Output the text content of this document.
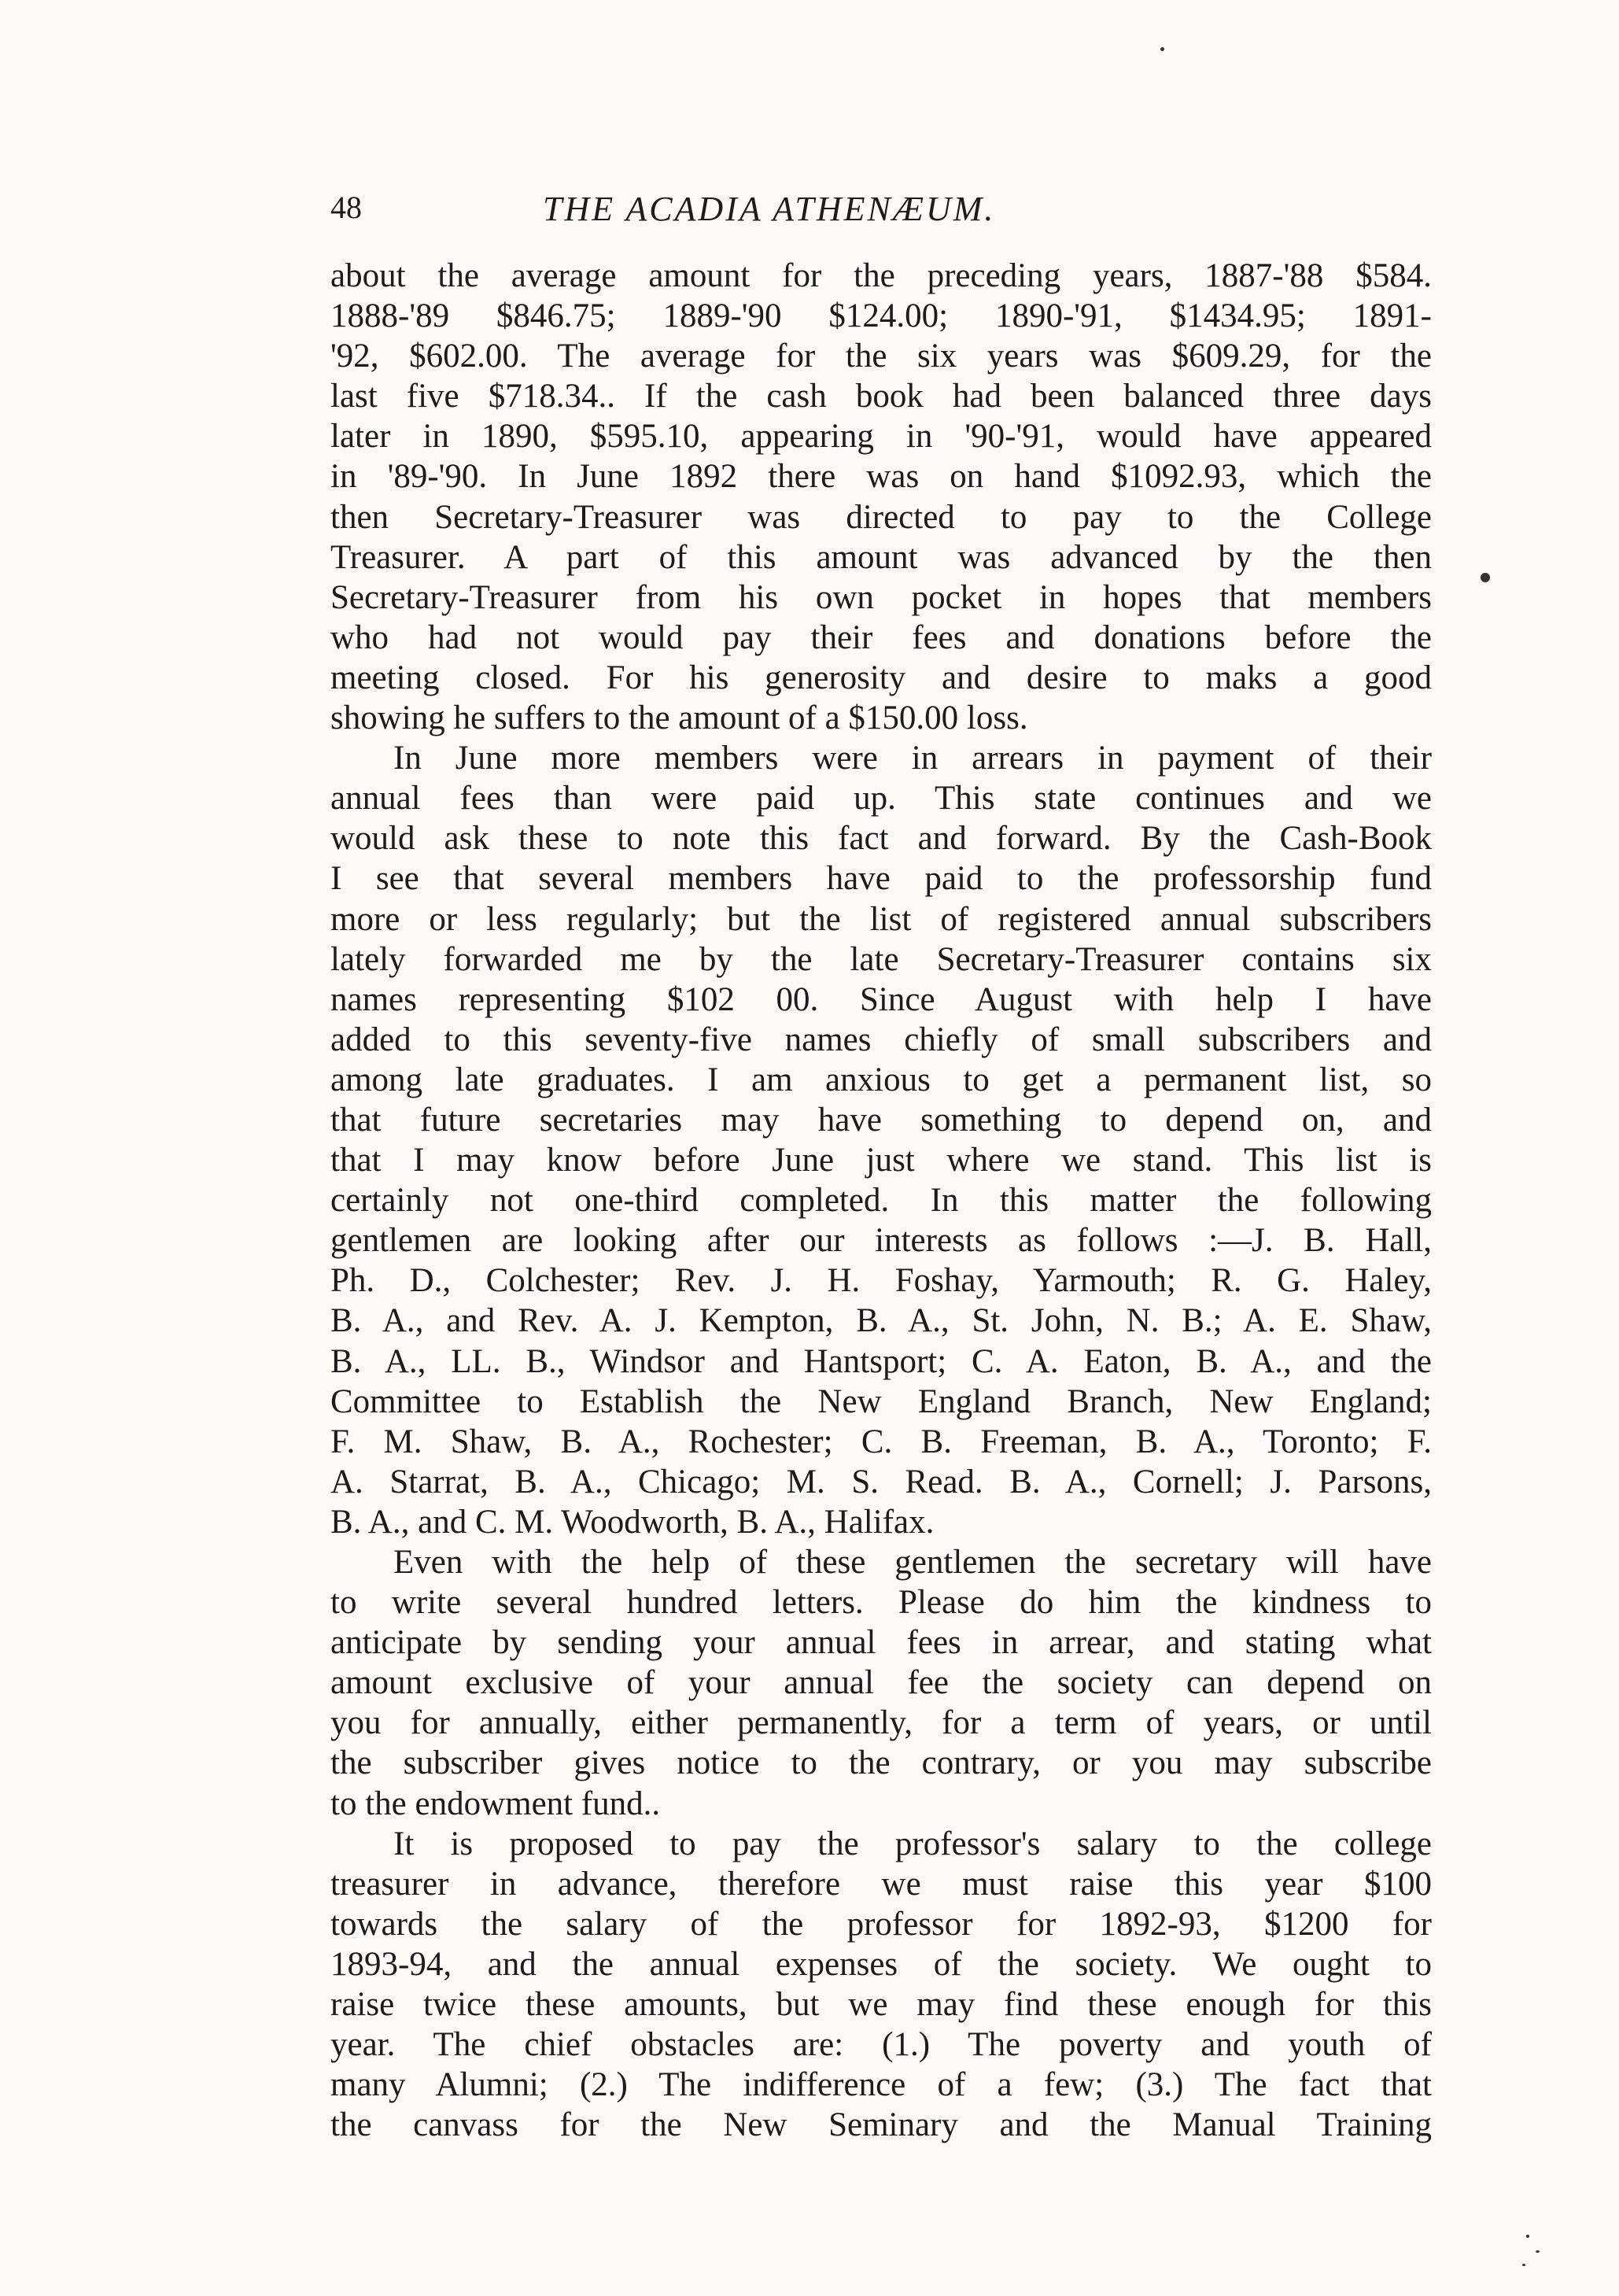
48	THE ACADIA ATHENÆUM.
about the average amount for the preceding years, 1887-'88 $584.
1888-'89 $846.75; 1889-'90 $124.00; 1890-'91, $1434.95; 1891-
'92, $602.00. The average for the six years was $609.29, for the
last five $718.34.. If the cash book had been balanced three days
later in 1890, $595.10, appearing in '90-'91, would have appeared
in '89-'90. In June 1892 there was on hand $1092.93, which the
then Secretary-Treasurer was directed to pay to the College
Treasurer. A part of this amount was advanced by the then
Secretary-Treasurer from his own pocket in hopes that members
who had not would pay their fees and donations before the
meeting closed. For his generosity and desire to maks a good
showing he suffers to the amount of a $150.00 loss.
In June more members were in arrears in payment of their
annual fees than were paid up. This state continues and we
would ask these to note this fact and forward. By the Cash-Book
I see that several members have paid to the professorship fund
more or less regularly; but the list of registered annual subscribers
lately forwarded me by the late Secretary-Treasurer contains six
names representing $102 00. Since August with help I have
added to this seventy-five names chiefly of small subscribers and
among late graduates. I am anxious to get a permanent list, so
that future secretaries may have something to depend on, and
that I may know before June just where we stand. This list is
certainly not one-third completed. In this matter the following
gentlemen are looking after our interests as follows :—J. B. Hall,
Ph. D., Colchester; Rev. J. H. Foshay, Yarmouth; R. G. Haley,
B. A., and Rev. A. J. Kempton, B. A., St. John, N. B.; A. E. Shaw,
B. A., LL. B., Windsor and Hantsport; C. A. Eaton, B. A., and the
Committee to Establish the New England Branch, New England;
F. M. Shaw, B. A., Rochester; C. B. Freeman, B. A., Toronto; F.
A. Starrat, B. A., Chicago; M. S. Read. B. A., Cornell; J. Parsons,
B. A., and C. M. Woodworth, B. A., Halifax.
Even with the help of these gentlemen the secretary will have
to write several hundred letters. Please do him the kindness to
anticipate by sending your annual fees in arrear, and stating what
amount exclusive of your annual fee the society can depend on
you for annually, either permanently, for a term of years, or until
the subscriber gives notice to the contrary, or you may subscribe
to the endowment fund..
It is proposed to pay the professor's salary to the college
treasurer in advance, therefore we must raise this year $100
towards the salary of the professor for 1892-93, $1200 for
1893-94, and the annual expenses of the society. We ought to
raise twice these amounts, but we may find these enough for this
year. The chief obstacles are: (1.) The poverty and youth of
many Alumni; (2.) The indifference of a few; (3.) The fact that
the canvass for the New Seminary and the Manual Training
